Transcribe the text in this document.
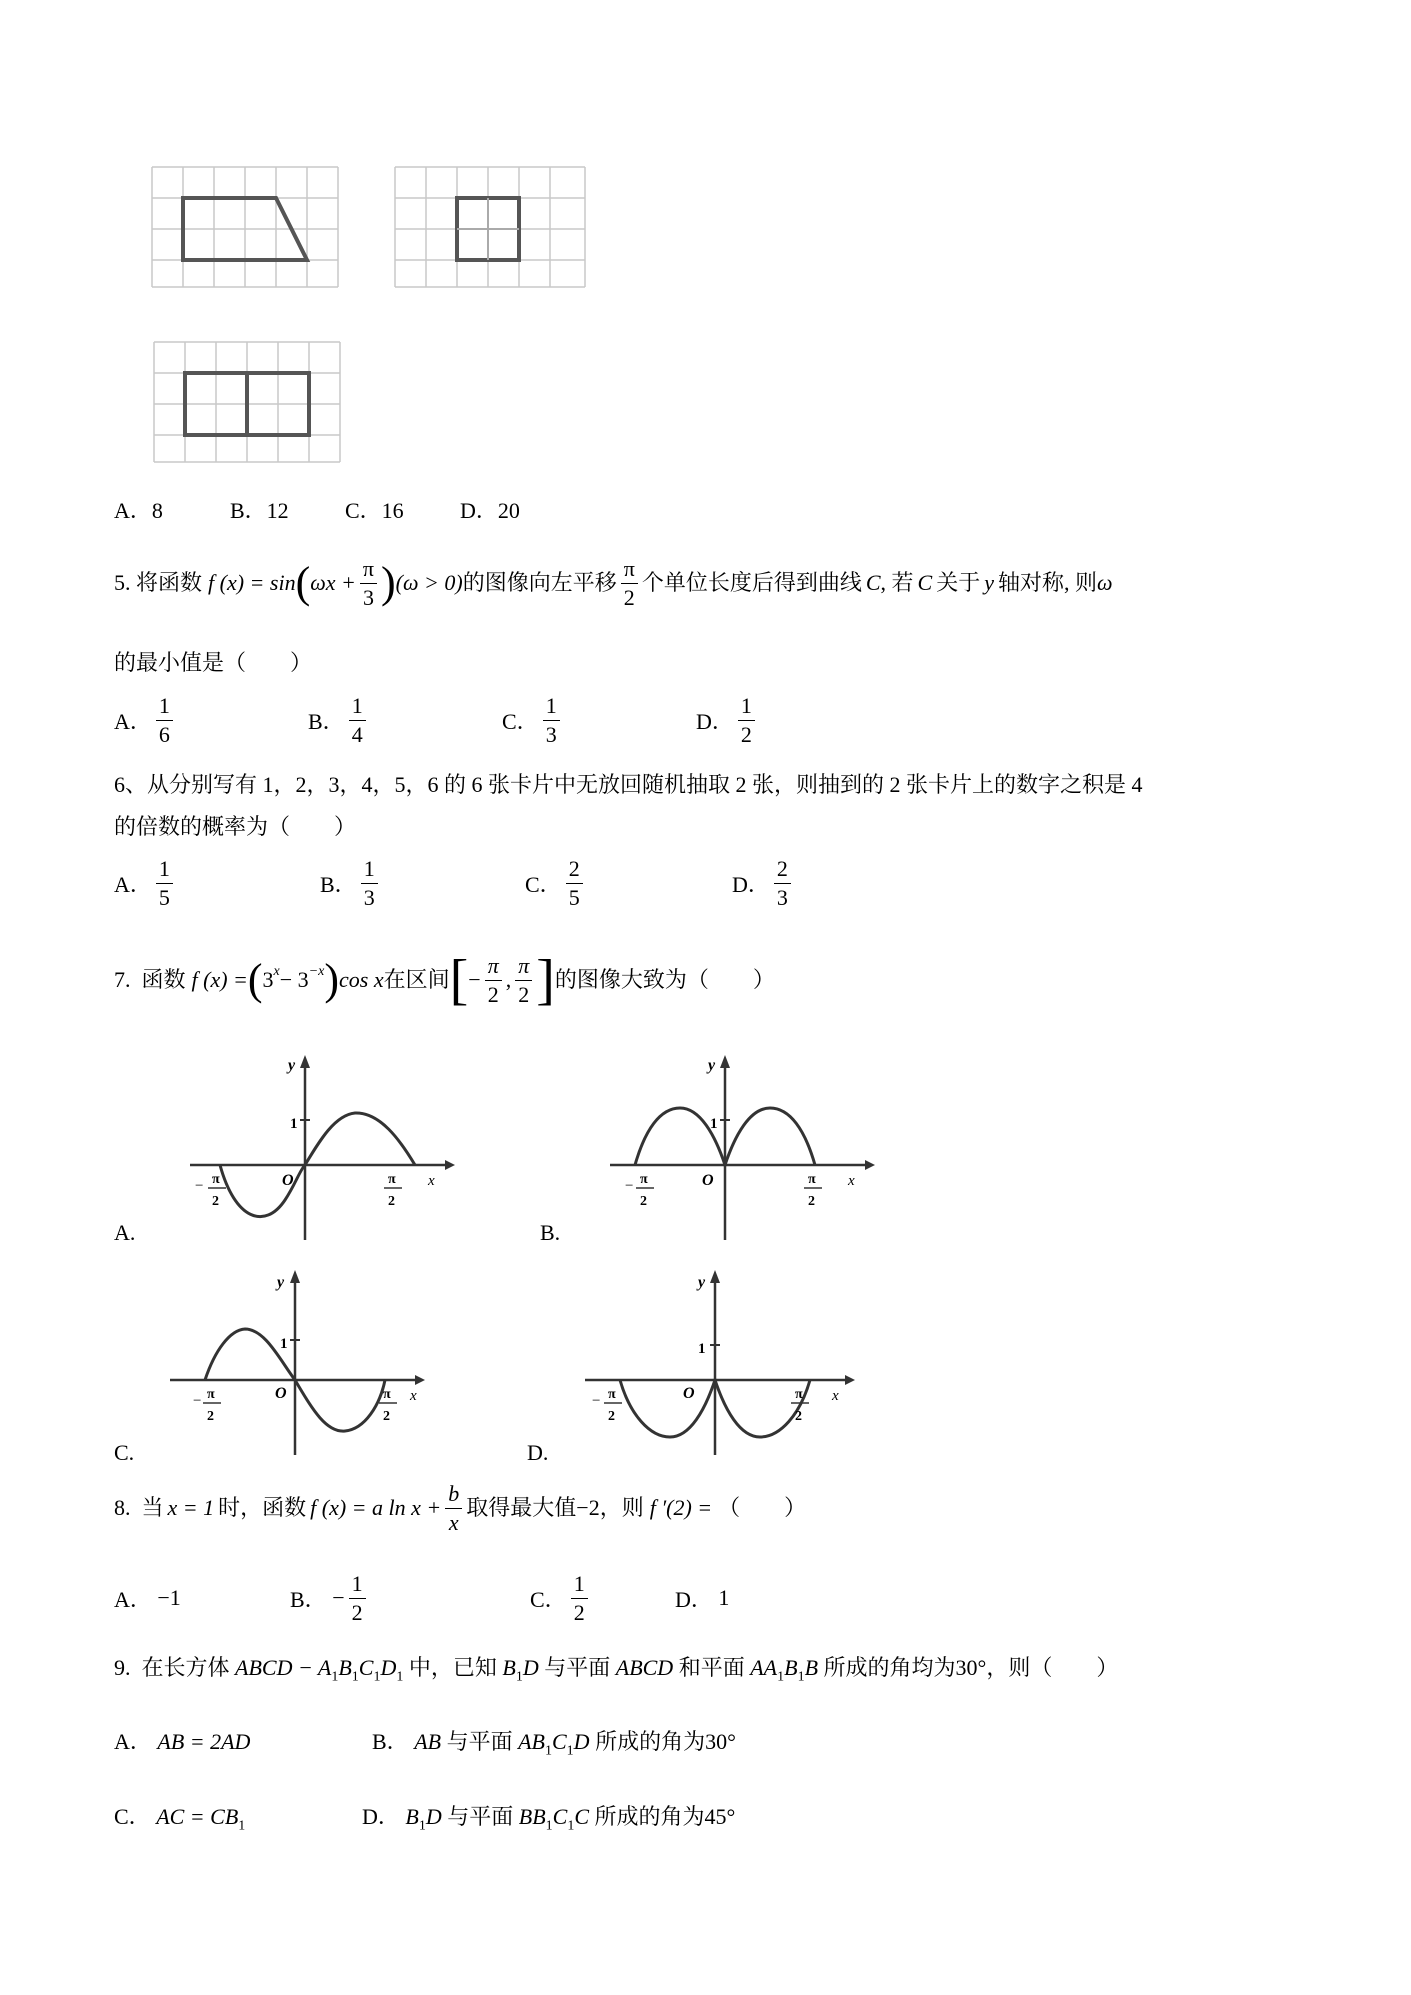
A．8	B．12	C．16	D．20
5.
将函数 f (x) = sin ( $\omega x + \frac{\pi}{3}$ ) (ω > 0) 的图像向左平移 $\frac{\pi}{2}$ 个单位长度后得到曲线 C , 若 C 关于 y 轴对称, 则 ω
的最小值是（　　）
A． $\frac{1}{6}$	B． $\frac{1}{4}$	C． $\frac{1}{3}$	D． $\frac{1}{2}$
6、从分别写有 1，2，3，4，5，6 的 6 张卡片中无放回随机抽取 2 张，则抽到的 2 张卡片上的数字之积是 4
的倍数的概率为（　　）
A． $\frac{1}{5}$	B． $\frac{1}{3}$	C． $\frac{2}{5}$	D． $\frac{2}{3}$
7.
函数 f (x) = ( $3^x - 3^{-x}$ ) cos x 在区间 [ − $\frac{\pi}{2}$ , $\frac{\pi}{2}$ ] 的图像大致为（　　）
A.
y
1
O	x
− π
2
π
2
B.
y
1
O	x
− π
2
π
2
C.
y
1
O	x
− π
2
π
2
D.
y
1
O	x
− π
2
π
2
8.
当 x = 1 时，函数 f (x) = a $\ln x + \frac{b}{x}$ 取得最大值 −2 ，则 f ′(2) = （　　）
A．
−1	B．
− $\frac{1}{2}$	C． $\frac{1}{2}$	D．
1
9. 在长方体 ABCD − $A_1B_1C_1D_1$ 中，已知 $B_1D$ 与平面 ABCD 和平面 $AA_1B_1B$ 所成的角均为30°，则（　　）
A． AB = 2AD	B． AB 与平面 $AB_1C_1D$ 所成的角为30°
C． AC = $CB_1$	D． $B_1D$ 与平面 $BB_1C_1C$ 所成的角为45°
